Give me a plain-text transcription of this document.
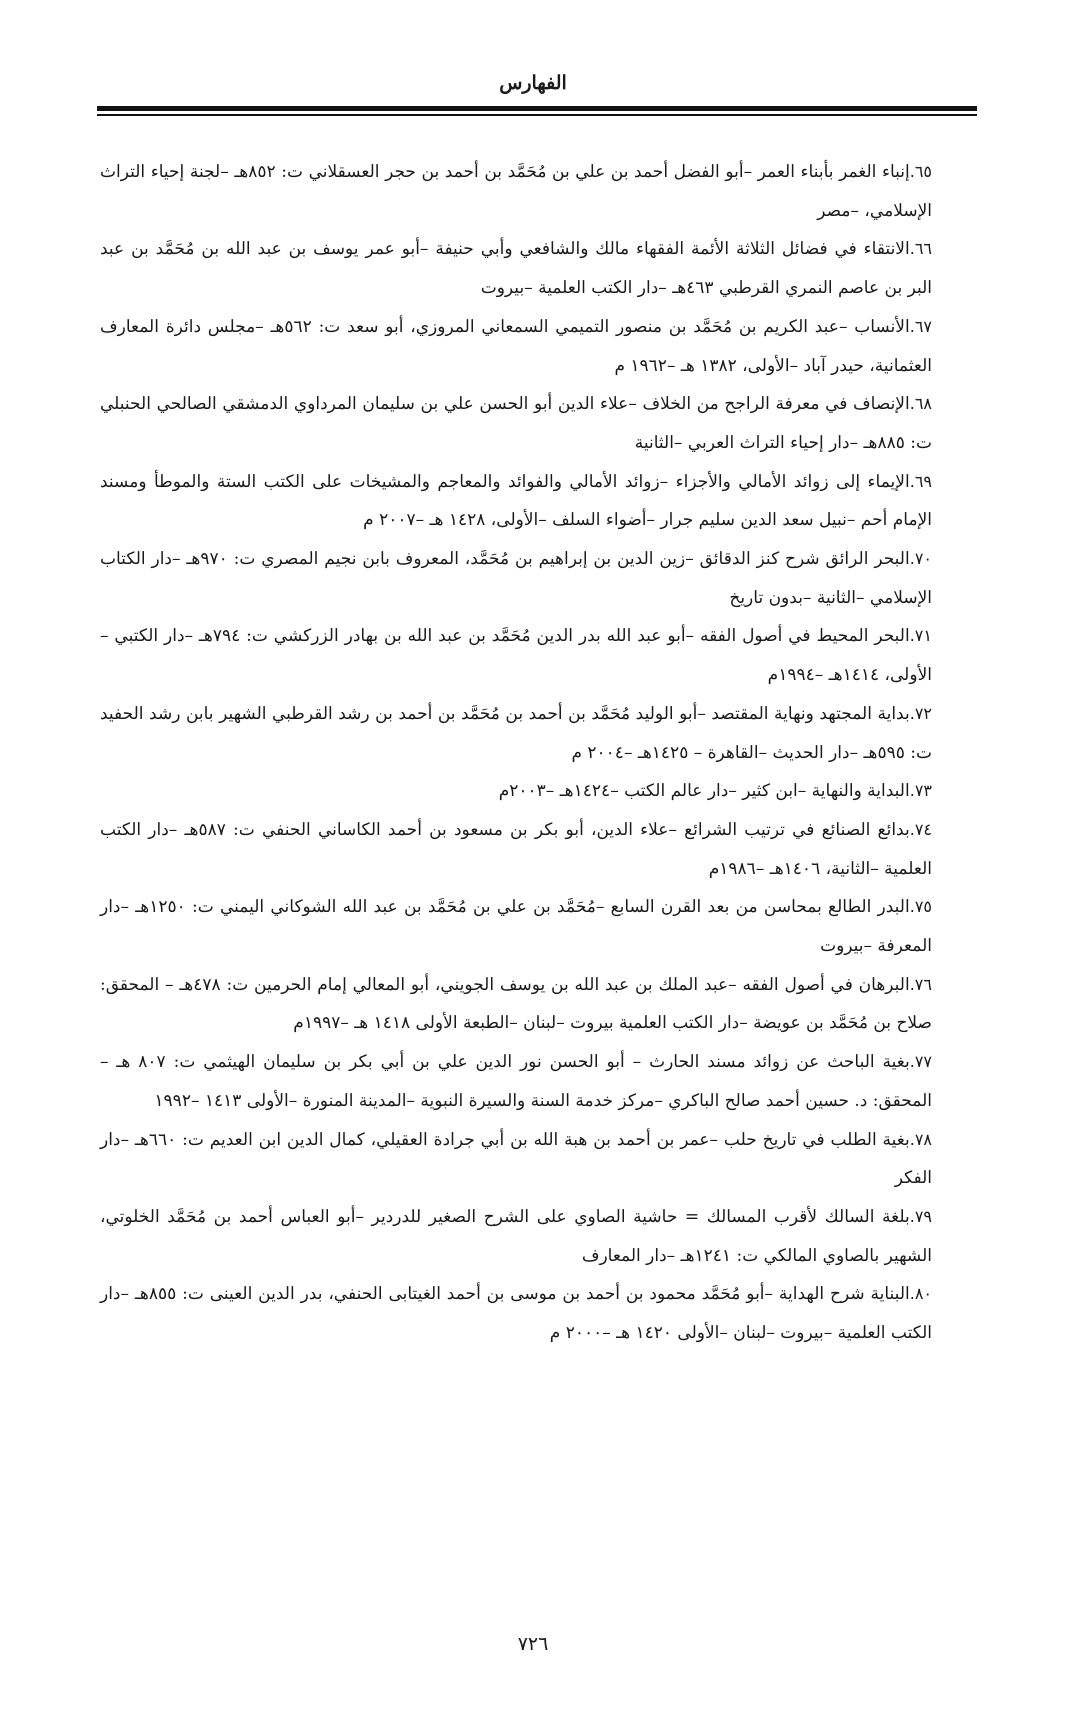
الفهارس

٦٥.إنباء الغمر بأبناء العمر –أبو الفضل أحمد بن علي بن مُحَمَّد بن أحمد بن حجر العسقلاني ت: ٨٥٢هـ –لجنة إحياء التراث الإسلامي، –مصر

٦٦.الانتقاء في فضائل الثلاثة الأئمة الفقهاء مالك والشافعي وأبي حنيفة –أبو عمر يوسف بن عبد الله بن مُحَمَّد بن عبد البر بن عاصم النمري القرطبي ٤٦٣هـ –دار الكتب العلمية –بيروت

٦٧.الأنساب –عبد الكريم بن مُحَمَّد بن منصور التميمي السمعاني المروزي، أبو سعد ت: ٥٦٢هـ –مجلس دائرة المعارف العثمانية، حيدر آباد –الأولى، ١٣٨٢ هـ –١٩٦٢ م

٦٨.الإنصاف في معرفة الراجح من الخلاف –علاء الدين أبو الحسن علي بن سليمان المرداوي الدمشقي الصالحي الحنبلي ت: ٨٨٥هـ –دار إحياء التراث العربي –الثانية

٦٩.الإيماء إلى زوائد الأمالي والأجزاء –زوائد الأمالي والفوائد والمعاجم والمشيخات على الكتب الستة والموطأ ومسند الإمام أحم –نبيل سعد الدين سليم جرار –أضواء السلف –الأولى، ١٤٢٨ هـ –٢٠٠٧ م

٧٠.البحر الرائق شرح كنز الدقائق –زين الدين بن إبراهيم بن مُحَمَّد، المعروف بابن نجيم المصري ت: ٩٧٠هـ –دار الكتاب الإسلامي –الثانية –بدون تاريخ

٧١.البحر المحيط في أصول الفقه –أبو عبد الله بدر الدين مُحَمَّد بن عبد الله بن بهادر الزركشي ت: ٧٩٤هـ –دار الكتبي –الأولى، ١٤١٤هـ –١٩٩٤م

٧٢.بداية المجتهد ونهاية المقتصد –أبو الوليد مُحَمَّد بن أحمد بن مُحَمَّد بن أحمد بن رشد القرطبي الشهير بابن رشد الحفيد ت: ٥٩٥هـ –دار الحديث –القاهرة – ١٤٢٥هـ –٢٠٠٤ م

٧٣.البداية والنهاية –ابن كثير –دار عالم الكتب –١٤٢٤هـ –٢٠٠٣م

٧٤.بدائع الصنائع في ترتيب الشرائع –علاء الدين، أبو بكر بن مسعود بن أحمد الكاساني الحنفي ت: ٥٨٧هـ –دار الكتب العلمية –الثانية، ١٤٠٦هـ –١٩٨٦م

٧٥.البدر الطالع بمحاسن من بعد القرن السابع –مُحَمَّد بن علي بن مُحَمَّد بن عبد الله الشوكاني اليمني ت: ١٢٥٠هـ –دار المعرفة –بيروت

٧٦.البرهان في أصول الفقه –عبد الملك بن عبد الله بن يوسف الجويني، أبو المعالي إمام الحرمين ت: ٤٧٨هـ – المحقق: صلاح بن مُحَمَّد بن عويضة –دار الكتب العلمية بيروت –لبنان –الطبعة الأولى ١٤١٨ هـ –١٩٩٧م

٧٧.بغية الباحث عن زوائد مسند الحارث – أبو الحسن نور الدين علي بن أبي بكر بن سليمان الهيثمي ت: ٨٠٧ هـ –المحقق: د. حسين أحمد صالح الباكري –مركز خدمة السنة والسيرة النبوية –المدينة المنورة –الأولى ١٤١٣ –١٩٩٢

٧٨.بغية الطلب في تاريخ حلب –عمر بن أحمد بن هبة الله بن أبي جرادة العقيلي، كمال الدين ابن العديم ت: ٦٦٠هـ –دار الفكر

٧٩.بلغة السالك لأقرب المسالك = حاشية الصاوي على الشرح الصغير للدردير –أبو العباس أحمد بن مُحَمَّد الخلوتي، الشهير بالصاوي المالكي ت: ١٢٤١هـ –دار المعارف

٨٠.البناية شرح الهداية –أبو مُحَمَّد محمود بن أحمد بن موسى بن أحمد الغيتابى الحنفي، بدر الدين العينى ت: ٨٥٥هـ –دار الكتب العلمية –بيروت –لبنان –الأولى ١٤٢٠ هـ –٢٠٠٠ م

٧٢٦
